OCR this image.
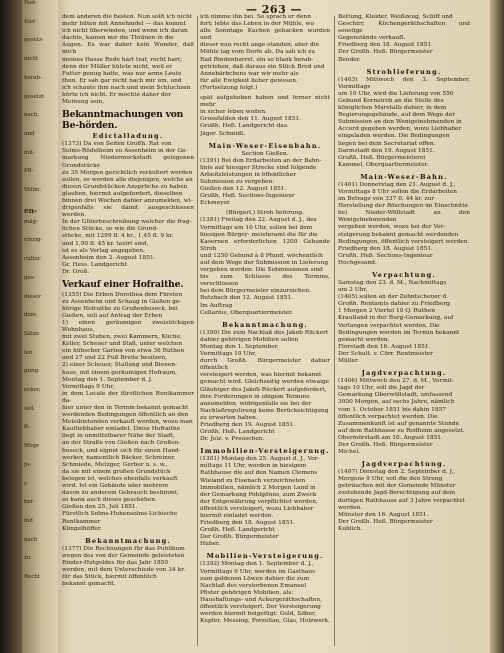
Rod-
Eier
gesetz-
nicht
herab-
gesetzt
nach,
und
mit-
Pfl-
Vollm.
en-
mäg-
einzig-
cultur
ges-
dieser
dem
Sätze
ien
gung.
ecker,
sell.
ft.
Wege
ju-
r.
ber
ind
nach
zu
Recht
— 263 —

dem anderen die besten. Nun sollt ich nicht

mehr hüten mit Annehmdel — das kommt

ich nicht überwinden, und wenn ich daran

dachte, kamen mir die Thränen in die

Augen. Es war daher kein Wunder, daß mich

meines Hasse Rede hart traf, recht hart;

denn der Müller hütete nicht, weil er

Futter genug hatte, was nur arme Leute

thun. Er sah gar nicht nach mir um, und

ich schaute ihm nach und mein Schluchzen

hörte ich nicht. Er mochte daher der

Meinung sein,

Bekanntmachungen von Be-hörden.
Edictalladung.

(1373) Da von Seiten Großh. Rat von

Solms-Rödelheim zu Assenheim in der Ge-

markung Niedermockstadt gelegenen Grundstücke

zu 35 Morgen gerichtlich veräußert werden

sollen, so werden alle diejenigen, welche an

diesen Grundstücken Ansprüche zu haben

glauben, hiermit aufgefordert, dieselben

binnen drei Wochen dahier anzumelden, wi-

drigenfalls sie damit ausgeschlossen werden.

In der Güterbeschreibung welcher die frag-

lichen Stücke, so wie die Grund-

stücke, mit 1299 fl. 4 kr., 1,45 fl. 9 kr.

und 1,90 fl. 45 kr. taxirt sind,

ist es als Verlag angegeben.

Assenheim den 2. August 1851.

Gr. Hess. Landgericht

Dr. Groß.

Verkauf einer Hofraithe.

(1355) Die Erben Dorothea dem Fürsten

zu Assenheim und Schaug in Gießen ge-

hörige Hofraithe zu Großenbuseck, bei

Gießen, soll auf Antrag der Erben

1) einen geräumigen zweistöckigen Wohnhaus,

mit zwei Stuben, zwei Kammern, Küche,

Keller, Scheuer und Stall, unter welchen

ein hübscher Garten von etwa 36 Ruthen

und 27 und 22 Fuß Breite besitzen,

2) einer Scheuer, Stallung und Bienen-

haus, mit einem geräumigen Hofraum,

Montag den 1. September d. J.

Vormittags 9 Uhr,

in dem Locale der fürstlichen Rentkammer da-

hier unter den in Termin bekannt gemacht

werdenden Bedingungen öffentlich an den

Meistbietenden verkauft werden, wozu man

Kaufliebhaber einladet. Diese Hofraithe

liegt in unmittelbarer Nähe der Stadt,

an der Straße von Gießen nach Großen-

buseck, und eignet sich für einen Hand-

werker, namentlich Bäcker, Schreiner,

Schmiede, Metzger, Gerber u. s. w.,

da sie mit einem großen Grundstück

belegen ist, welches ebenfalls verkauft

wird. Ist ein Gebäude oder mehrere

davon zu anderem Gebrauch bestimmt,

so kann auch dieses geschehen.

Gießen den 25. Juli 1851.

Fürstlich Solms-Hohensolms-Lichische

Rentkammer

Klingelhöffer.

Bekanntmachung.

(1377) Die Rechnungen für das Publikum

wegen des von der Gemeinde geleisteten

Rinder-Hutgeldes für das Jahr 1850

werden, mit dem Unterschiede von 34 kr.

für das Stück, hiermit öffentlich

bekannt gemacht.

ich nimme ihn bei. So sprach er denn

fort; lebte das Leben in der Mühle, wo

alle Sonntage Kuchen gebacken wurden und

dieser nun recht ange-standen; aber die

Mühle lag vom Dorfe ab. Da sah ich zu

Rad Rindenbarrel, ein so blank herab-

getrieben, daß daraus ein Stück Brod und

Annebärbchens war wir mehr als

für alle Ewigkeit lieber gewesen.

(Fortsetzung folgt.)

spät aufgehoben haben und ferner nicht mehr

in sicher leben wollen.

Grossfulden den 11. August 1851.

Großh. Heß. Landgericht das.

Jäger. Schmidt.

Main-Weser-Eisenbahn.

Section Gießen.

(1391) Bei den Erdarbeiten an der Bahn-

linie auf hiesiger Strecke sind folgende

Arbeitsleistungen in öffentlicher

Submission zu vergeben:

Gießen den 12. August 1851.

Großh. Heß. Sections-Ingenieur

Eckmeyer.

(Bürgerl.) Stroh lieferung.

(1381) Freitag den 22. August d. J., des

Vormittags um 10 Uhr, sollen bei dem

hiesigen Bürger- meisteramt die für die

Kasernen erforderlichen 1200 Gebunde Stroh

und 1250 Gebund à 8 Pfund, wöchentlich

auf dem Wege der Submission in Lieferung

vergeben werden. Die Submissionen sind

bis zum Schlusse des Termins, verschlossen

bei dem Bürgermeister einzureichen.

Butzbach den 12. August 1851.

Im Auftrag

Cellarius, Oberquartiermeister.

Bekanntmachung.

(1390) Die zum Nachlaß des Jakob Rückert

dahier gehörigen Mobilien sollen

Montag den 1. September,

Vormittags 10 Uhr,

durch Großh. Bürgermeister dahier öffentlich

versteigert werden, was hiermit bekannt

gemacht wird. Gleichzeitig werden etwaige

Gläubiger des Jakob Rückert aufgefordert,

ihre Forderungen in obigem Termine

anzumelden, widrigenfalls sie bei der

Nachlaßregulirung keine Berücksichtigung

zu erwarten haben.

Friedberg den 19. August 1851.

Großh. Heß. Landgericht

Dr. Jeiz. v. Preuschen.

Immobilien-Versteigerung.

(1301) Montag den 25. August d. J., Vor-

mittags 11 Uhr, werden in hiesigem

Rathhause die auf den Namen Clemens

Wieland zu Eisenach verzeichneten

Immobilien, nämlich 2 Morgen Land in

der Gemarkung Pohlgönns, zum Zweck

der Entgewährung verpflichtet worden,

öffentlich versteigert, wozu Liebhaber

hiermit einladet werden.

Friedberg den 18. August 1851.

Großh. Heß. Landgericht

Der Großh. Bürgermeister

Huber.

Mobilien-Versteigerung.

(1392) Montag den 1. September d. J.,

Vormittags 9 Uhr, werden im Gasthaus

zum goldenen Löwen dahier die zum

Nachlaß des verstorbenen Emanuel

Pfister gehörigen Mobilien, als:

Haushaltungs- und Ackergeräthschaften,

öffentlich versteigert. Der Versteigerung

werden hiermit beigefügt: Gold, Silber,

Kupfer, Messing, Porzellan, Glas, Holzwerk.

Bettung, Kleider, Weißzeug, Schiff und

Geschirr, Küchengeräthschaften und sonstige

Gegenstände verkauft.

Friedberg den 18. August 1851.

Der Großh. Heß. Bürgermeister

Bender.

Strohlieferung.

(1403) Mittwoch den 3. September, Vormittags

um 10 Uhr, wird die Lieferung von 550

Gebund Kornstroh an die Stelle des

königlichen Marstalls dahier, in dem

Regierungsgebäude, auf dem Wege der

Submission an den Wenigstnehmenden in

Accord gegeben werden, wozu Liebhaber

eingeladen werden. Die Bedingungen

liegen bei dem Secretariat offen.

Darmstadt den 19. August 1851.

Großh. Heß. Bürgermeisterei

Kammel, Oberquartiermeister.

Main-Weser-Bahn.

(1401) Donnerstag den 21. August d. J.,

Vormittags 8 Uhr sollen die Erdarbeiten

im Betrage von 337 fl. 44 kr. zur

Herstellung der Böschungen im Einschnitte

bei Nieder-Wöllstadt an den Wenigstnehmenden

vergeben werden, wozu bei der Ver-

steigerung bekannt gemacht werdenden

Bedingungen, öffentlich versteigert werden.

Friedberg den 18. August 1851.

Großh. Heß. Sections-Ingenieur

Hochgesand.

Verpachtung.

Samstag den 23. d. M., Nachmittags

um 2 Uhr,

(1405) sollen an der Zehntscheuer d.

Großh. Rentamts dahier zu Friedberg

1 Morgen 2 Viertel 10 Q. Ruthen

Krautland in der Burg-Gemarkung, auf

Verlangen verpachtet werden. Die

Bedingungen werden im Termin bekannt

gemacht werden.

Florstadt den 16. August 1851.

Der Schult. v. Cörr. Rentmeister

Müller.

Jagdverpachtung.

(1406) Mittwoch den 27. d. M., Vormit-

tags 10 Uhr, soll die Jagd der

Gemarkung Oberwöllstadt, umfassend

3000 Morgen, auf sechs Jahre, nämlich

vom 1. October 1851 bis dahin 1857

öffentlich verpachtet werden. Die

Zusammenkunft ist auf genannte Stunde

auf dem Rathhause zu Rodheim angesetzt.

Obermörstadt am 16. August 1851.

Der Großh. Heß. Bürgermeister

Michel.

Jagdverpachtung.

(1407) Dienstag den 2. September d. J.,

Morgens 9 Uhr, soll die den Streng

gebräuchen mit der Gemeinde Münster

zustehende Jagd-Berechtigung auf dem

dortigen Rathhause auf 3 Jahre verpachtet

werden.

Münster den 16. August 1851.

Der Großh. Heß. Bürgermeister

Kuhlich.
